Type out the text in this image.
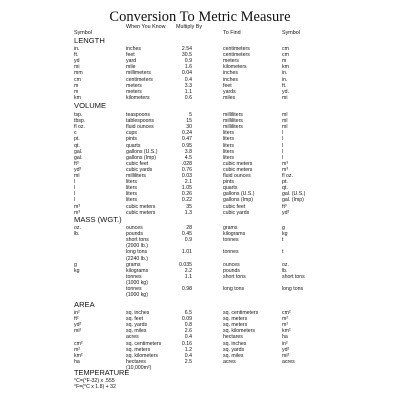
Conversion To Metric Measure
Symbol
When You Know	Multiply By
To Find	Symbol
LENGTH
in.	inches	2.54	centimeters	cm
ft.	feet	30.5	centimeters	cm
yd	yard	0.9	meters	m
mi	mile	1.6	kilometers	km
mm	millimeters	0.04	inches	in.
cm	centimeters	0.4	inches	in.
m	meters	3.3	feet	ft.
m	meters	1.1	yards	yd.
km	kilometers	0.6	miles	mi
VOLUME
tsp.	teaspoons	5	milliliters	ml
tbsp.	tablespoons	15	milliliters	ml
fl oz.	fluid ounces	30	milliliters	ml
c	cups	0.24	liters	l
pt.	pints	0.47	liters	l
qt.	quarts	0.95	liters	l
gal.	gallons (U.S.)	3.8	liters	l
gal.	gallons (Imp)	4.5	liters	l
ft³	cubic feet	.028	cubic meters	m³
yd³	cubic yards	0.76	cubic meters	m³
ml	milliliters	0.03	fluid ounces	fl oz.
l	liters	2.1	pints	pt.
l	liters	1.05	quarts	qt.
l	liters	0.26	gallons (U.S.)	gal. (U.S.)
l	liters	0.22	gallons (Imp)	gal. (Imp)
m³	cubic meters	35	cubic feet	ft³
m³	cubic meters	1.3	cubic yards	yd³
MASS (WGT.)
oz.	ounces	28	grams	g
lb.	pounds	0.45	kilograms	kg
short tons	0.9	tonnes	t
(2000 lb.)
long tons	1.01	tonnes	t
(2240 lb.)
g	grams	0.035	ounces	oz.
kg	kilograms	2.2	pounds	lb.
tonnes	1.1	short tons	short tons
(1000 kg)
tonnes	0.98	long tons	long tons
(1000 kg)
AREA
in²	sq. inches	6.5	sq. centimeters	cm²
ft²	sq. feet	0.09	sq. meters	m²
yd²	sq. yards	0.8	sq. meters	m²
mi²	sq. miles	2.6	sq. kilometers	km²
acres	0.4	hectares	ha
cm²	sq. centimeters	0.16	sq. inches	in²
m²	sq. meters	1.2	sq. yards	yd²
km²	sq. kilometers	0.4	sq. miles	mi²
ha	hectares	2.5	acres	acres
(10,000m²)
TEMPERATURE
°C=(°F-32) x .555
°F=(°C x 1.8) + 32
